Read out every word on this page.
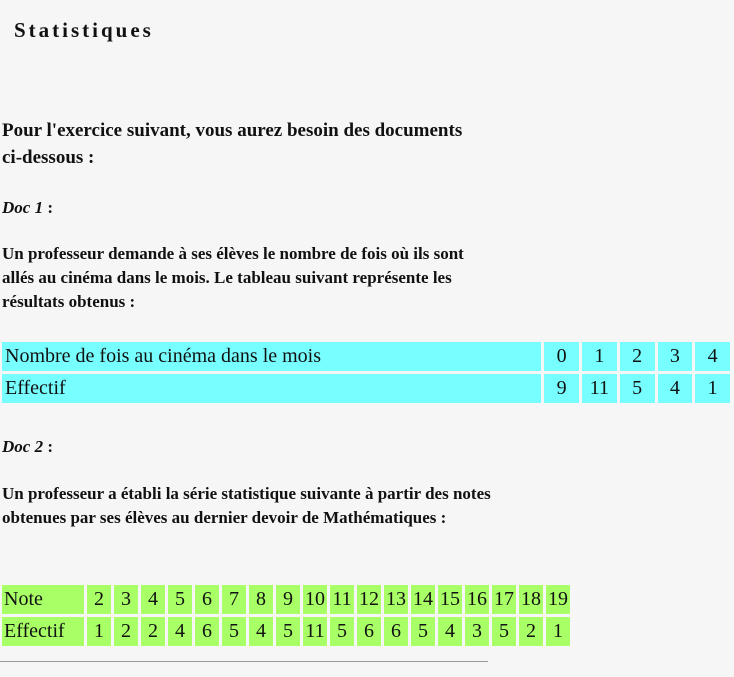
Statistiques

Pour l'exercice suivant, vous aurez besoin des documents ci-dessous :

Doc 1 :

Un professeur demande à ses élèves le nombre de fois où ils sont allés au cinéma dans le mois. Le tableau suivant représente les résultats obtenus :

Nombre de fois au cinéma dans le mois	0	1	2	3	4
Effectif	9	11	5	4	1

Doc 2 :

Un professeur a établi la série statistique suivante à partir des notes obtenues par ses élèves au dernier devoir de Mathématiques :

Note	2	3	4	5	6	7	8	9	10	11	12	13	14	15	16	17	18	19
Effectif	1	2	2	4	6	5	4	5	11	5	6	6	5	4	3	5	2	1
